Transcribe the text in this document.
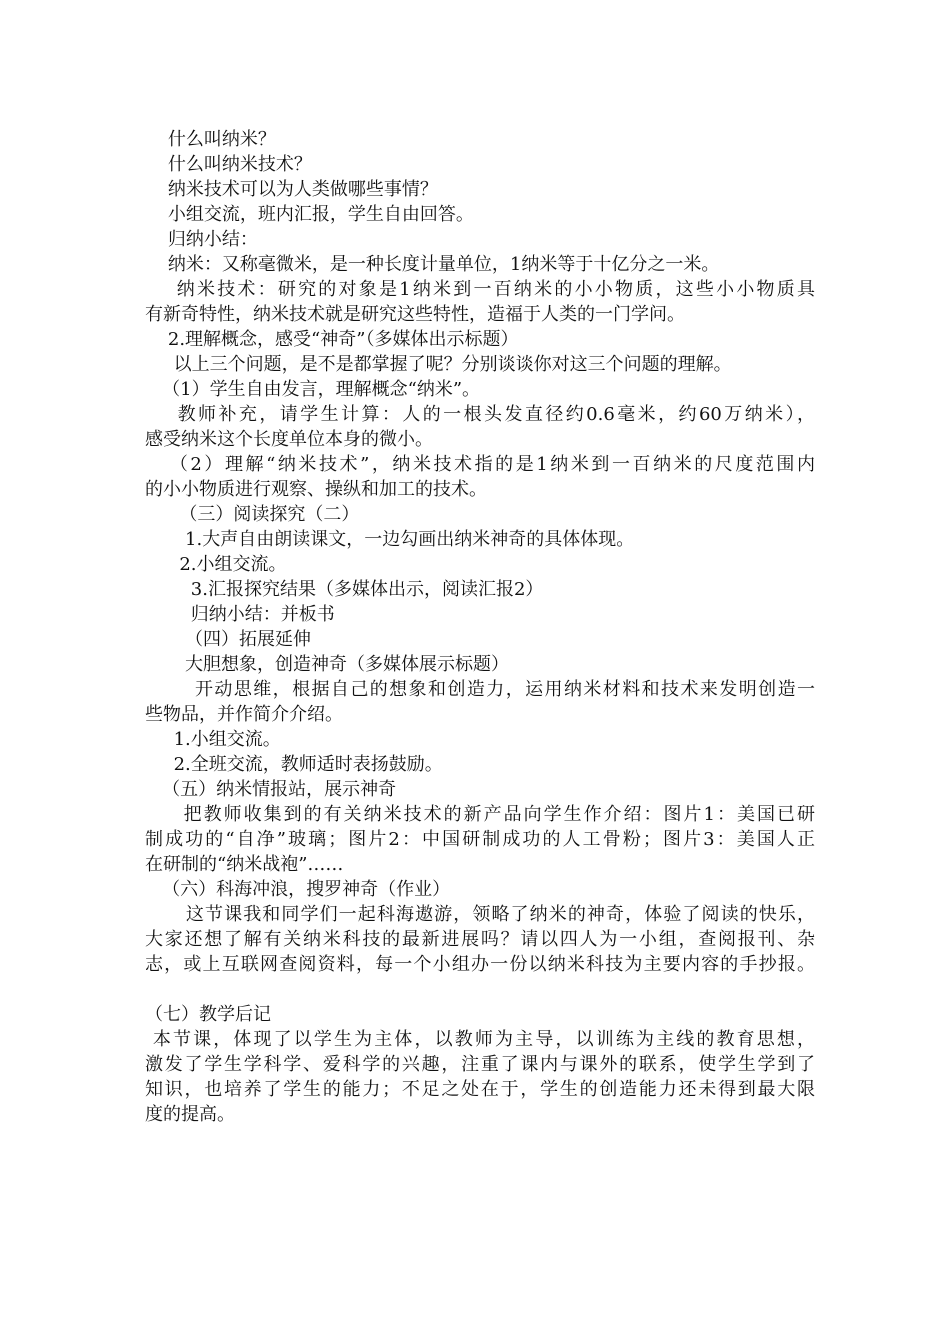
什么叫纳米？
什么叫纳米技术？
纳米技术可以为人类做哪些事情？
小组交流，班内汇报，学生自由回答。
归纳小结：
纳米：又称毫微米，是一种长度计量单位，1纳米等于十亿分之一米。
纳米技术：研究的对象是1纳米到一百纳米的小小物质，这些小小物质具
有新奇特性，纳米技术就是研究这些特性，造福于人类的一门学问。
2.理解概念，感受“神奇”（多媒体出示标题）
以上三个问题，是不是都掌握了呢？分别谈谈你对这三个问题的理解。
（1）学生自由发言，理解概念“纳米”。
教师补充，请学生计算：人的一根头发直径约0.6毫米，约60万纳米），
感受纳米这个长度单位本身的微小。
（2）理解“纳米技术”，纳米技术指的是1纳米到一百纳米的尺度范围内
的小小物质进行观察、操纵和加工的技术。
（三）阅读探究（二）
1.大声自由朗读课文，一边勾画出纳米神奇的具体体现。
2.小组交流。
3.汇报探究结果（多媒体出示，阅读汇报2）
归纳小结：并板书
（四）拓展延伸
大胆想象，创造神奇（多媒体展示标题）
开动思维，根据自己的想象和创造力，运用纳米材料和技术来发明创造一
些物品，并作简介介绍。
1.小组交流。
2.全班交流，教师适时表扬鼓励。
（五）纳米情报站，展示神奇
把教师收集到的有关纳米技术的新产品向学生作介绍：图片1：美国已研
制成功的“自净”玻璃；图片2：中国研制成功的人工骨粉；图片3：美国人正
在研制的“纳米战袍”……
（六）科海冲浪，搜罗神奇（作业）
这节课我和同学们一起科海遨游，领略了纳米的神奇，体验了阅读的快乐，
大家还想了解有关纳米科技的最新进展吗？请以四人为一小组，查阅报刊、杂
志，或上互联网查阅资料，每一个小组办一份以纳米科技为主要内容的手抄报。
（七）教学后记
本节课，体现了以学生为主体，以教师为主导，以训练为主线的教育思想，
激发了学生学科学、爱科学的兴趣，注重了课内与课外的联系，使学生学到了
知识，也培养了学生的能力；不足之处在于，学生的创造能力还未得到最大限
度的提高。
